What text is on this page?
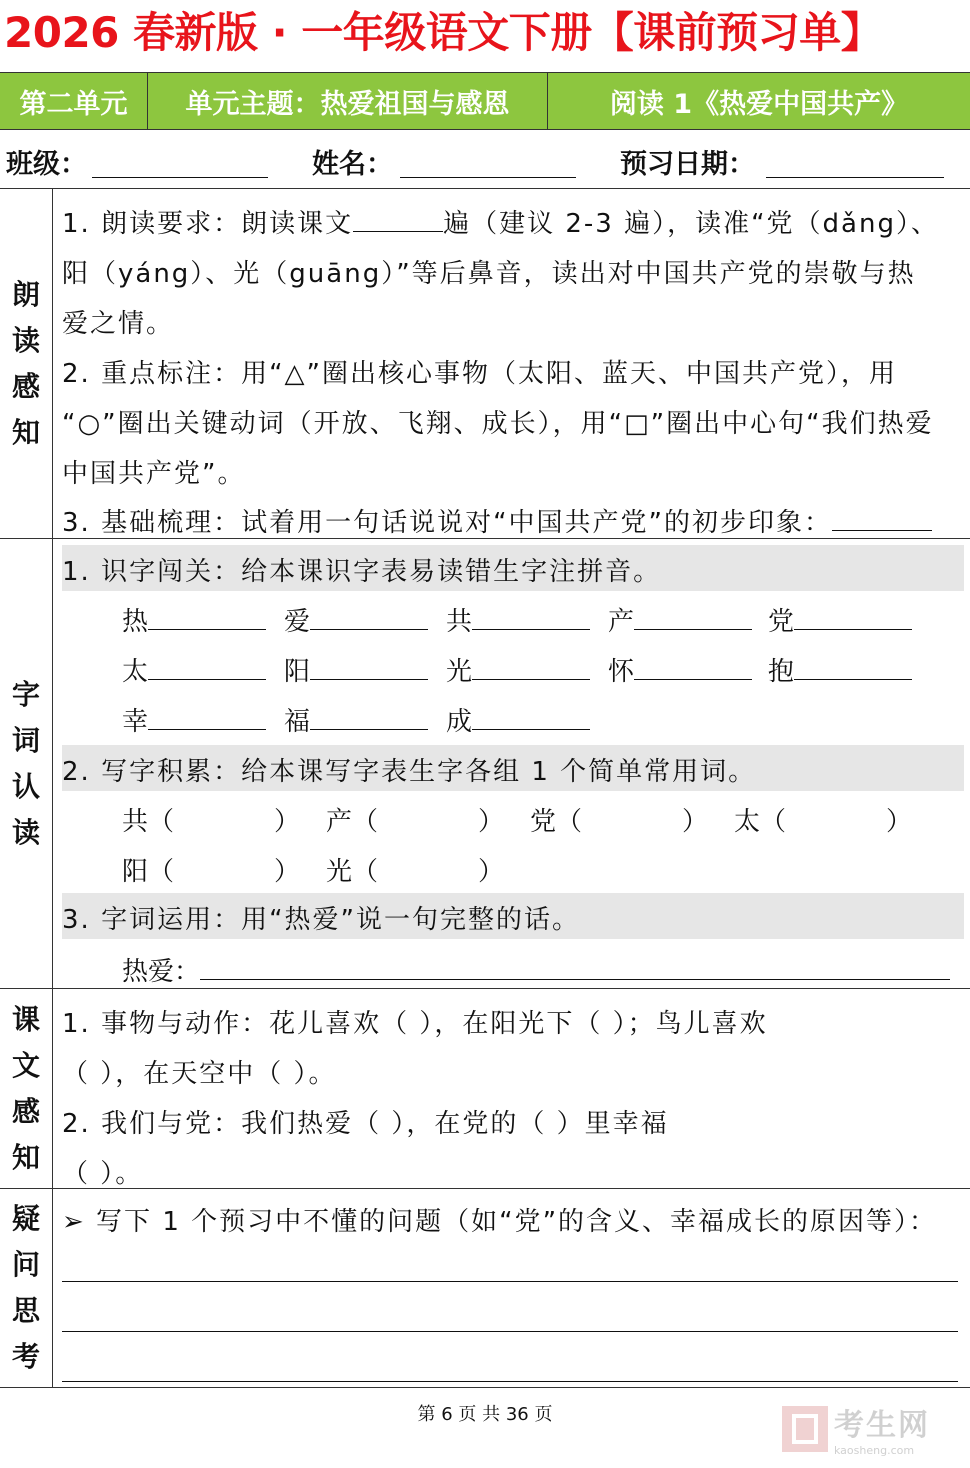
2026 春新版 · 一年级语文下册【课前预习单】
第二单元	单元主题：热爱祖国与感恩	阅读 1《热爱中国共产》
班级：	姓名：	预习日期：
朗
读
感
知
1. 朗读要求：朗读课文	遍（建议 2-3 遍），读准“党（dǎng）、
阳（yáng）、光（guāng）”等后鼻音，读出对中国共产党的崇敬与热
爱之情。
2. 重点标注：用“△”圈出核心事物（太阳、蓝天、中国共产党），用
“○”圈出关键动词（开放、飞翔、成长），用“□”圈出中心句“我们热爱
中国共产党”。
3. 基础梳理：试着用一句话说说对“中国共产党”的初步印象：
字
词
认
读
1. 识字闯关：给本课识字表易读错生字注拼音。
热	爱	共	产	党
太	阳	光	怀	抱
幸	福	成
2. 写字积累：给本课写字表生字各组 1 个简单常用词。
共（	） 产（	） 党（	） 太（	）
阳（	） 光（	）
3. 字词运用：用“热爱”说一句完整的话。
热爱：
课
文
感
知
1. 事物与动作：花儿喜欢（ ），在阳光下（ ）；鸟儿喜欢
（ ），在天空中（ ）。
2. 我们与党：我们热爱（ ），在党的（ ）里幸福
（ ）。
疑
问
思
考
➢ 写下 1 个预习中不懂的问题（如“党”的含义、幸福成长的原因等）：
第 6 页 共 36 页	考生网
kaosheng.com
